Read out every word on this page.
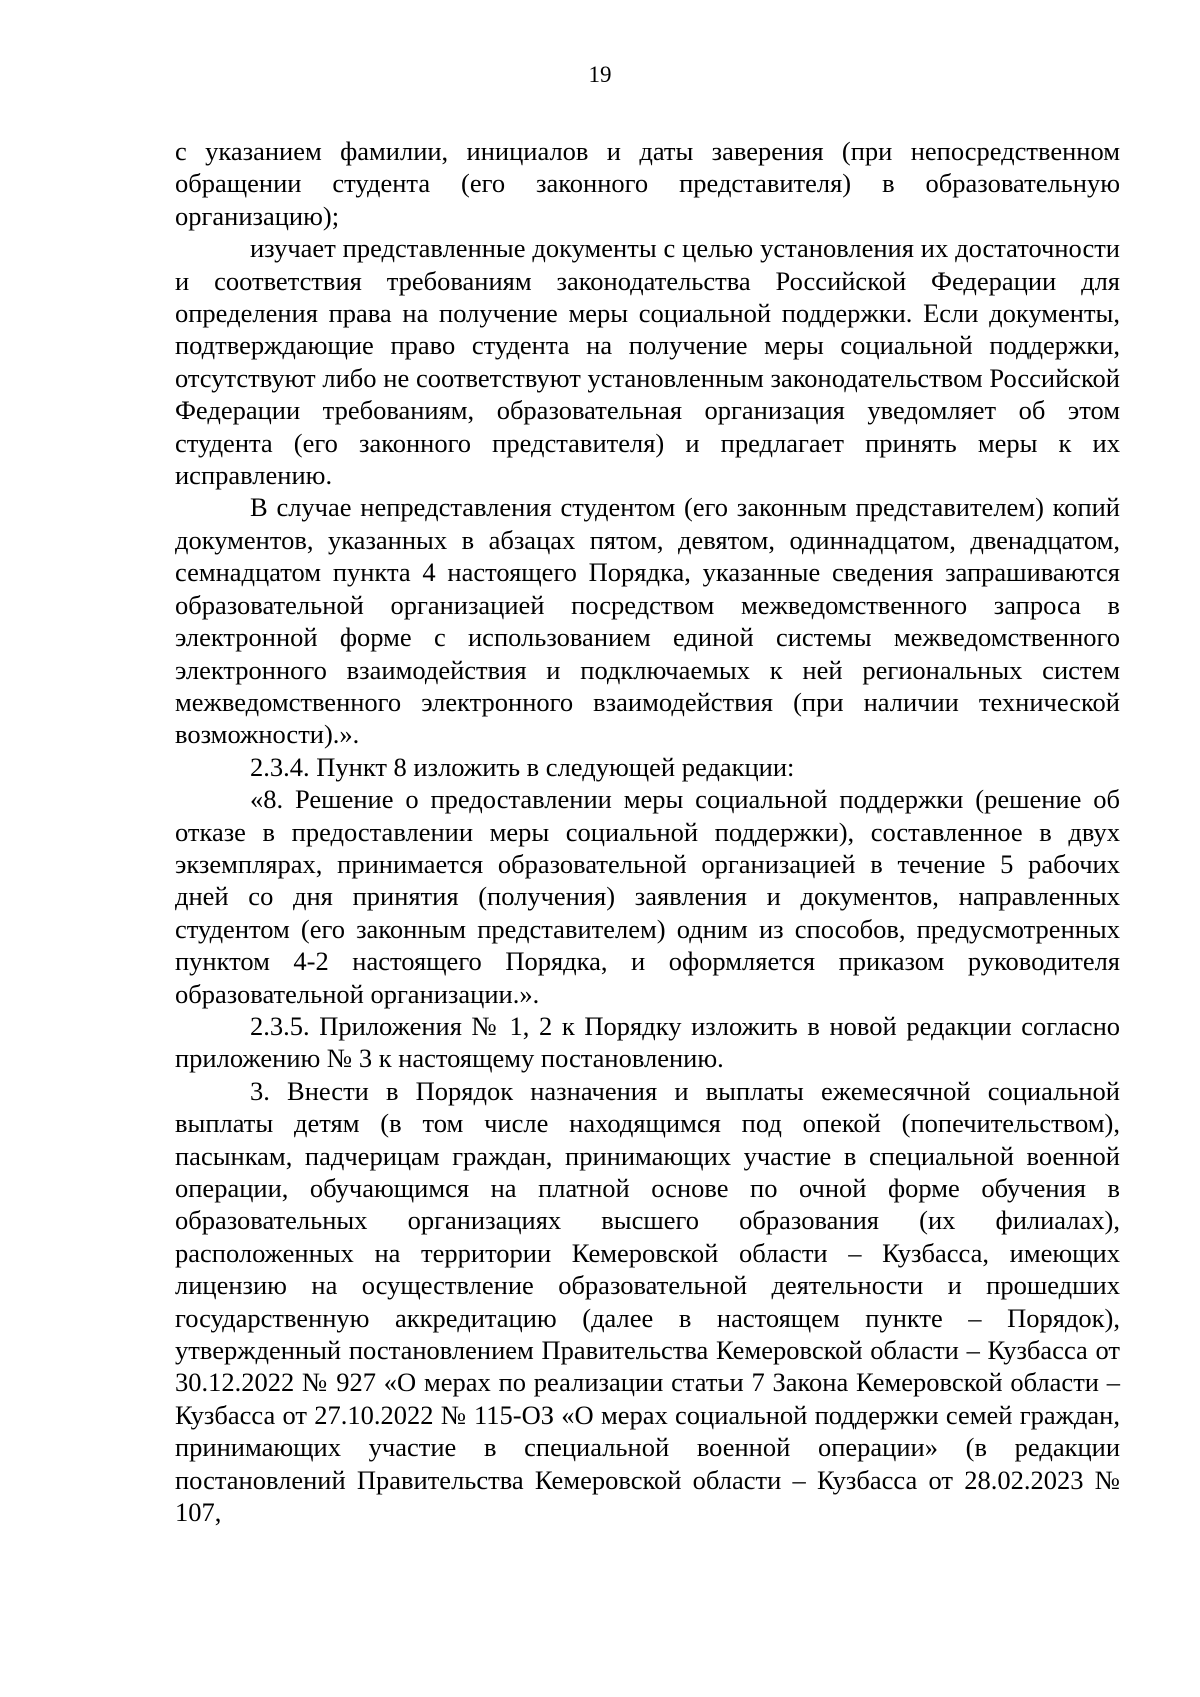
19

с указанием фамилии, инициалов и даты заверения (при непосредственном обращении студента (его законного представителя) в образовательную организацию);

изучает представленные документы с целью установления их достаточности и соответствия требованиям законодательства Российской Федерации для определения права на получение меры социальной поддержки. Если документы, подтверждающие право студента на получение меры социальной поддержки, отсутствуют либо не соответствуют установленным законодательством Российской Федерации требованиям, образовательная организация уведомляет об этом студента (его законного представителя) и предлагает принять меры к их исправлению.

В случае непредставления студентом (его законным представителем) копий документов, указанных в абзацах пятом, девятом, одиннадцатом, двенадцатом, семнадцатом пункта 4 настоящего Порядка, указанные сведения запрашиваются образовательной организацией посредством межведомственного запроса в электронной форме с использованием единой системы межведомственного электронного взаимодействия и подключаемых к ней региональных систем межведомственного электронного взаимодействия (при наличии технической возможности).».

2.3.4. Пункт 8 изложить в следующей редакции:

«8. Решение о предоставлении меры социальной поддержки (решение об отказе в предоставлении меры социальной поддержки), составленное в двух экземплярах, принимается образовательной организацией в течение 5 рабочих дней со дня принятия (получения) заявления и документов, направленных студентом (его законным представителем) одним из способов, предусмотренных пунктом 4-2 настоящего Порядка, и оформляется приказом руководителя образовательной организации.».

2.3.5. Приложения № 1, 2 к Порядку изложить в новой редакции согласно приложению № 3 к настоящему постановлению.

3. Внести в Порядок назначения и выплаты ежемесячной социальной выплаты детям (в том числе находящимся под опекой (попечительством), пасынкам, падчерицам граждан, принимающих участие в специальной военной операции, обучающимся на платной основе по очной форме обучения в образовательных организациях высшего образования (их филиалах), расположенных на территории Кемеровской области – Кузбасса, имеющих лицензию на осуществление образовательной деятельности и прошедших государственную аккредитацию (далее в настоящем пункте – Порядок), утвержденный постановлением Правительства Кемеровской области – Кузбасса от 30.12.2022 № 927 «О мерах по реализации статьи 7 Закона Кемеровской области – Кузбасса от 27.10.2022 № 115-ОЗ «О мерах социальной поддержки семей граждан, принимающих участие в специальной военной операции» (в редакции постановлений Правительства Кемеровской области – Кузбасса от 28.02.2023 № 107,
